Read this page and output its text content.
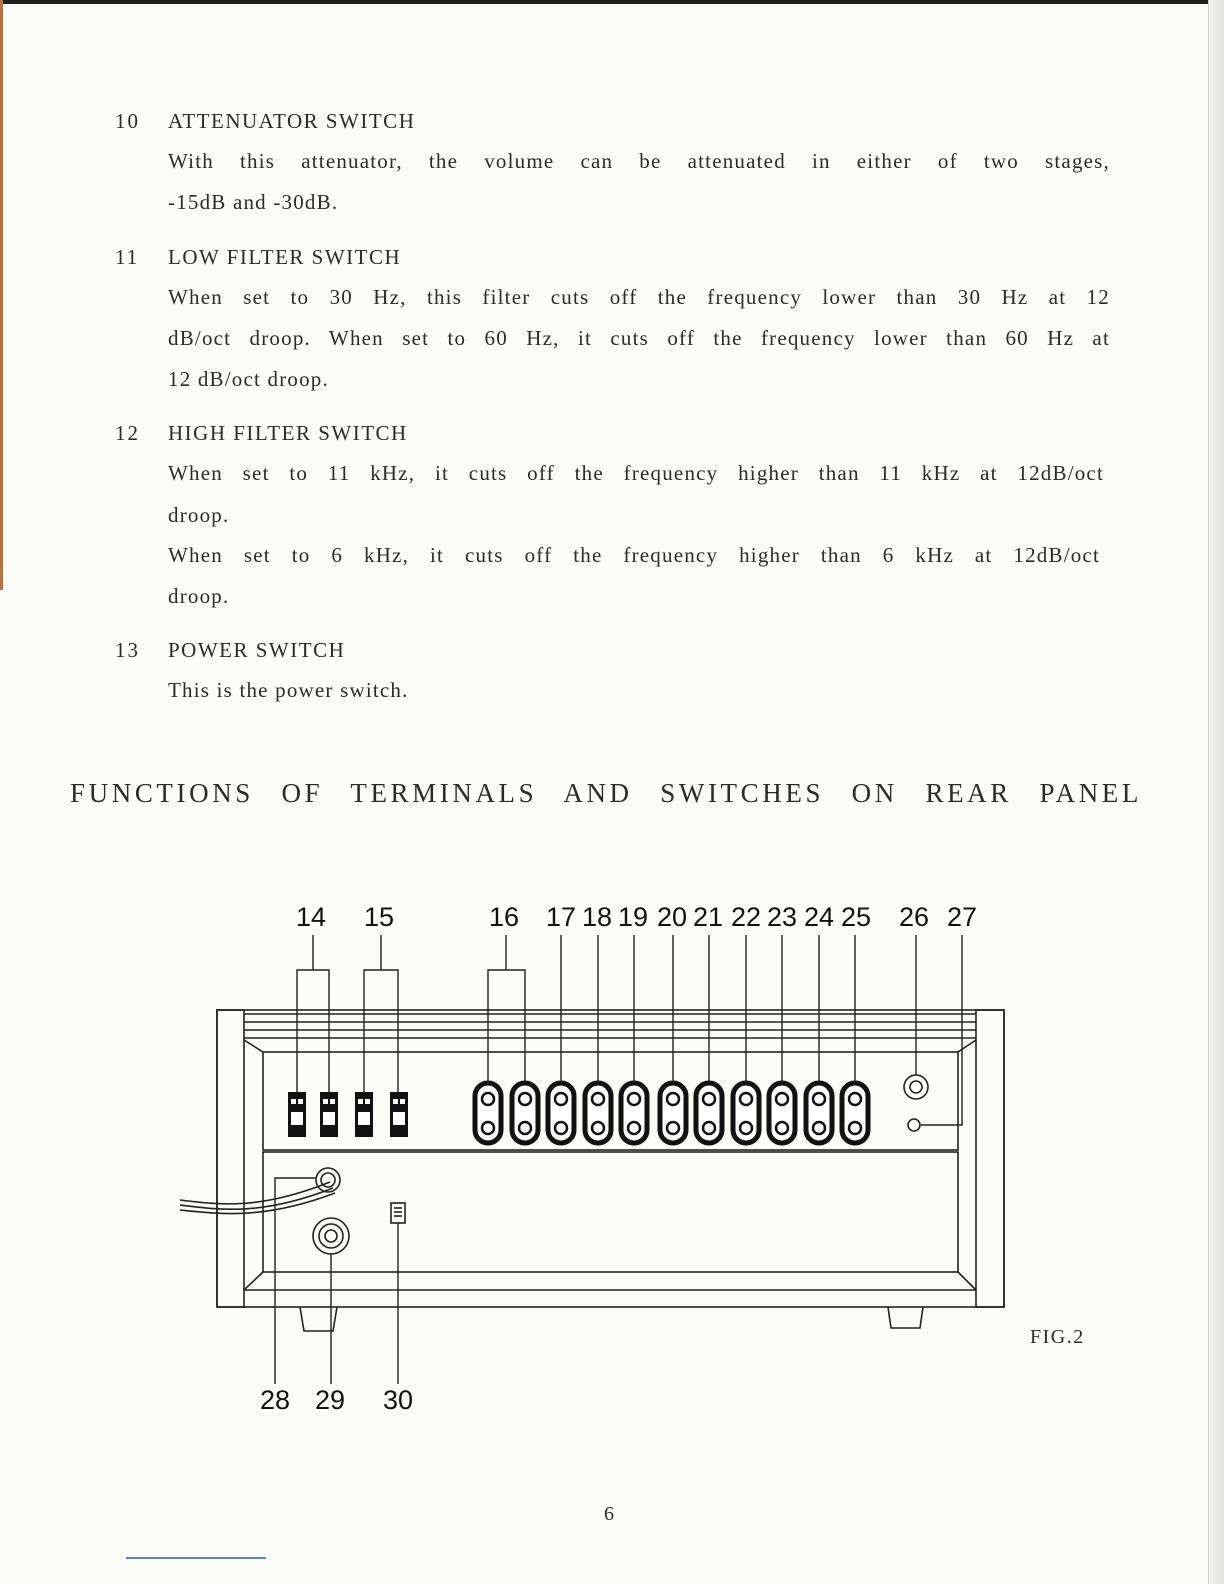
10 ATTENUATOR SWITCH
With this attenuator, the volume can be attenuated in either of two stages,
-15dB and -30dB.
11 LOW FILTER SWITCH
When set to 30 Hz, this filter cuts off the frequency lower than 30 Hz at 12
dB/oct droop. When set to 60 Hz, it cuts off the frequency lower than 60 Hz at
12 dB/oct droop.
12 HIGH FILTER SWITCH
When set to 11 kHz, it cuts off the frequency higher than 11 kHz at 12dB/oct
droop.
When set to 6 kHz, it cuts off the frequency higher than 6 kHz at 12dB/oct
droop.
13 POWER SWITCH
This is the power switch.
FUNCTIONS OF TERMINALS AND SWITCHES ON REAR PANEL
14 15	16 17 18 19 20 21 22 23 24 25 26 27
28 29 30
FIG.2
6
